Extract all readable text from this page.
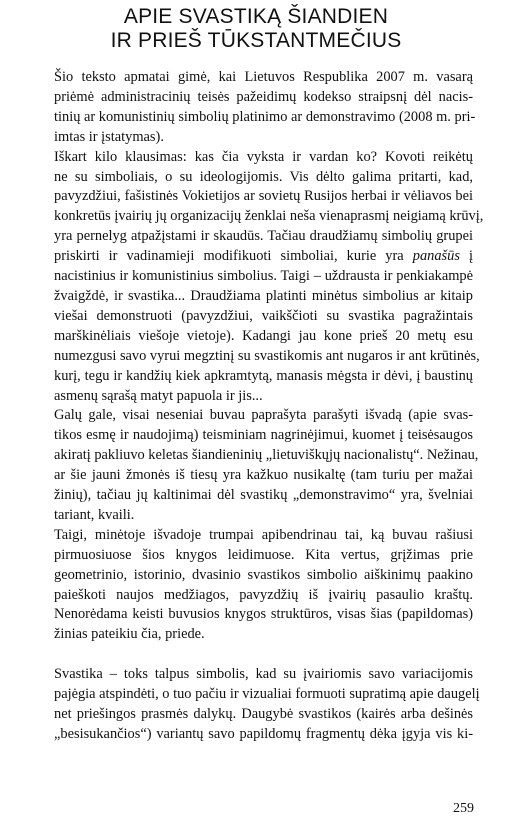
APIE SVASTIKĄ ŠIANDIEN
IR PRIEŠ TŪKSTANTMEČIUS

Šio teksto apmatai gimė, kai Lietuvos Respublika 2007 m. vasarą
priėmė administracinių teisės pažeidimų kodekso straipsnį dėl nacis-
tinių ar komunistinių simbolių platinimo ar demonstravimo (2008 m. pri-
imtas ir įstatymas).

Iškart kilo klausimas: kas čia vyksta ir vardan ko? Kovoti reikėtų
ne su simboliais, o su ideologijomis. Vis dėlto galima pritarti, kad,
pavyzdžiui, fašistinės Vokietijos ar sovietų Rusijos herbai ir vėliavos bei
konkretūs įvairių jų organizacijų ženklai neša vienaprasmį neigiamą krūvį,
yra pernelyg atpažįstami ir skaudūs. Tačiau draudžiamų simbolių grupei
priskirti ir vadinamieji modifikuoti simboliai, kurie yra panašūs į
nacistinius ir komunistinius simbolius. Taigi – uždrausta ir penkiakampė
žvaigždė, ir svastika... Draudžiama platinti minėtus simbolius ar kitaip
viešai demonstruoti (pavyzdžiui, vaikščioti su svastika pagražintais
marškinėliais viešoje vietoje). Kadangi jau kone prieš 20 metų esu
numezgusi savo vyrui megztinį su svastikomis ant nugaros ir ant krūtinės,
kurį, tegu ir kandžių kiek apkramtytą, manasis mėgsta ir dėvi, į baustinų
asmenų sąrašą matyt papuola ir jis...

Galų gale, visai neseniai buvau paprašyta parašyti išvadą (apie svas-
tikos esmę ir naudojimą) teisminiam nagrinėjimui, kuomet į teisėsaugos
akiratį pakliuvo keletas šiandieninių „lietuviškųjų nacionalistų“. Nežinau,
ar šie jauni žmonės iš tiesų yra kažkuo nusikaltę (tam turiu per mažai
žinių), tačiau jų kaltinimai dėl svastikų „demonstravimo“ yra, švelniai
tariant, kvaili.

Taigi, minėtoje išvadoje trumpai apibendrinau tai, ką buvau rašiusi
pirmuosiuose šios knygos leidimuose. Kita vertus, grįžimas prie
geometrinio, istorinio, dvasinio svastikos simbolio aiškinimų paakino
paieškoti naujos medžiagos, pavyzdžių iš įvairių pasaulio kraštų.
Nenorėdama keisti buvusios knygos struktūros, visas šias (papildomas)
žinias pateikiu čia, priede.

Svastika – toks talpus simbolis, kad su įvairiomis savo variacijomis
pajėgia atspindėti, o tuo pačiu ir vizualiai formuoti supratimą apie daugelį
net priešingos prasmės dalykų. Daugybė svastikos (kairės arba dešinės
„besisukančios“) variantų savo papildomų fragmentų dėka įgyja vis ki-

259
